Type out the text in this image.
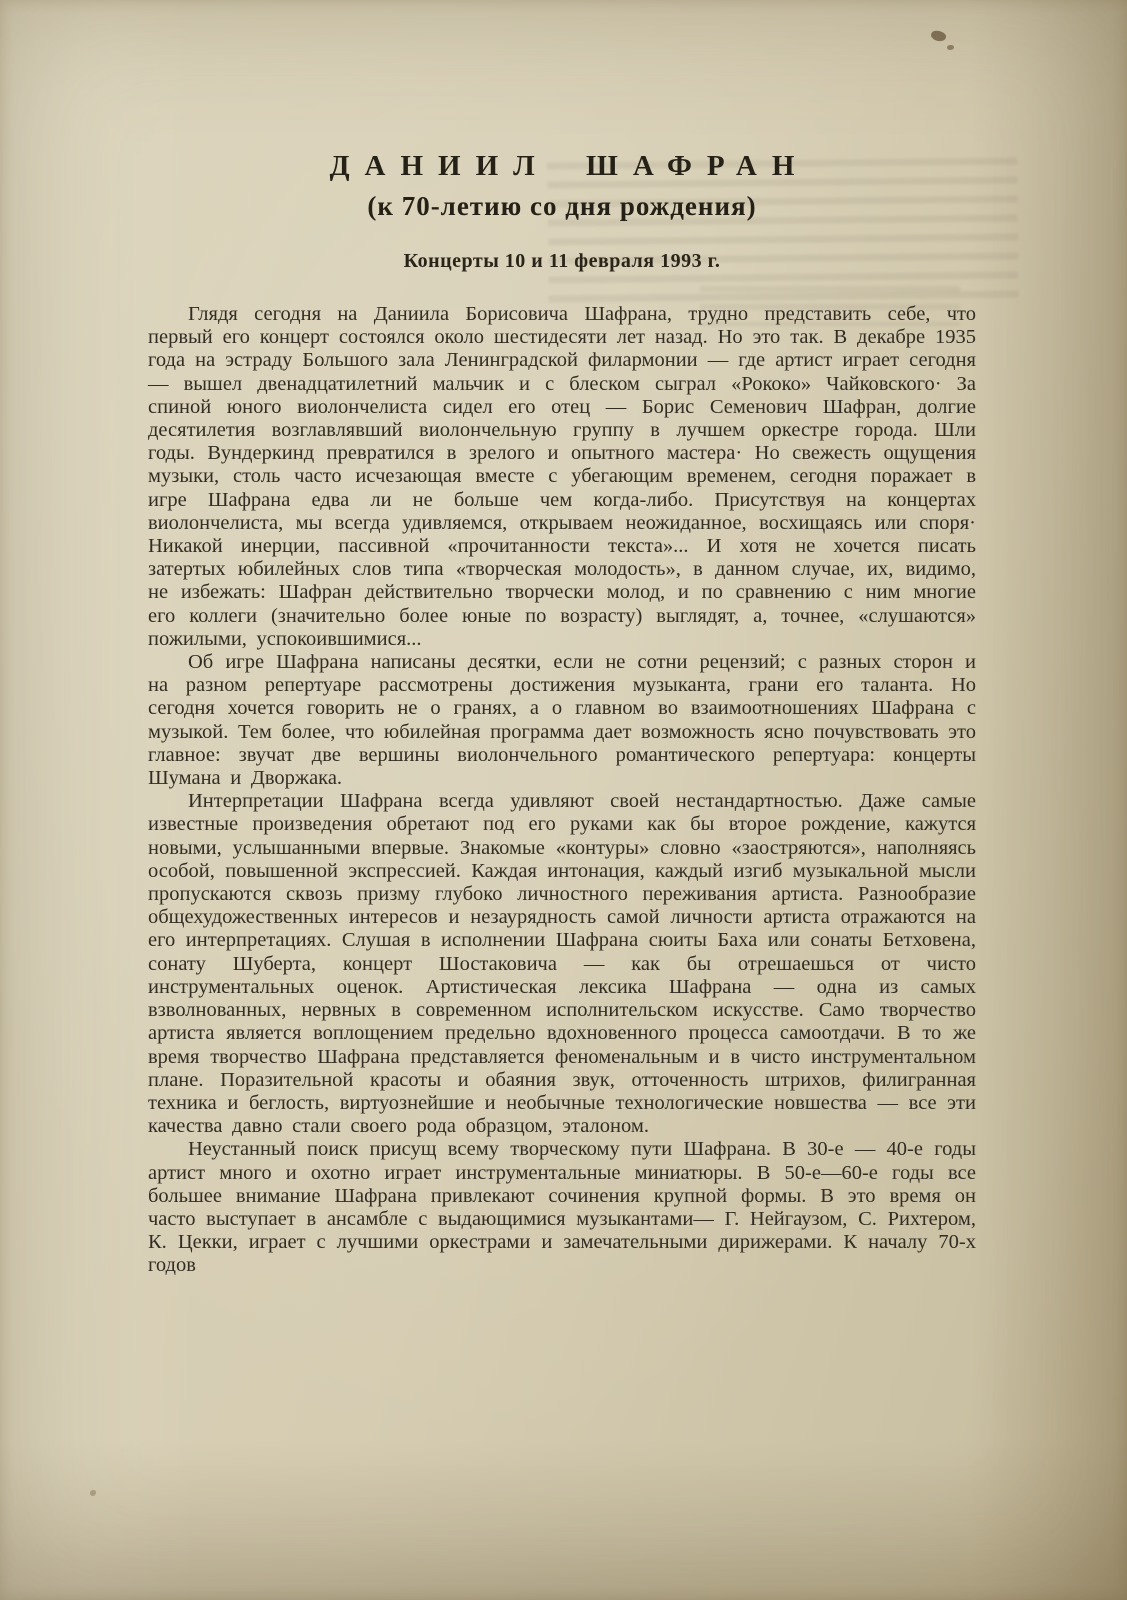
ДАНИИЛ ШАФРАН
(к 70-летию со дня рождения)
Концерты 10 и 11 февраля 1993 г.

Глядя сегодня на Даниила Борисовича Шафрана, трудно представить себе, что первый его концерт состоялся около шестидесяти лет назад. Но это так. В декабре 1935 года на эстраду Большого зала Ленинградской филармонии — где артист играет сегодня — вышел двенадцатилетний мальчик и с блеском сыграл «Рококо» Чайковского· За спиной юного виолончелиста сидел его отец — Борис Семенович Шафран, долгие десятилетия возглавлявший виолончельную группу в лучшем оркестре города. Шли годы. Вундеркинд превратился в зрелого и опытного мастера· Но свежесть ощущения музыки, столь часто исчезающая вместе с убегающим временем, сегодня поражает в игре Шафрана едва ли не больше чем когда-либо. Присутствуя на концертах виолончелиста, мы всегда удивляемся, открываем неожиданное, восхищаясь или споря· Никакой инерции, пассивной «прочитанности текста»... И хотя не хочется писать затертых юбилейных слов типа «творческая молодость», в данном случае, их, видимо, не избежать: Шафран действительно творчески молод, и по сравнению с ним многие его коллеги (значительно более юные по возрасту) выглядят, а, точнее, «слушаются» пожилыми, успокоившимися...

Об игре Шафрана написаны десятки, если не сотни рецензий; с разных сторон и на разном репертуаре рассмотрены достижения музыканта, грани его таланта. Но сегодня хочется говорить не о гранях, а о главном во взаимоотношениях Шафрана с музыкой. Тем более, что юбилейная программа дает возможность ясно почувствовать это главное: звучат две вершины виолончельного романтического репертуара: концерты Шумана и Дворжака.

Интерпретации Шафрана всегда удивляют своей нестандартностью. Даже самые известные произведения обретают под его руками как бы второе рождение, кажутся новыми, услышанными впервые. Знакомые «контуры» словно «заостряются», наполняясь особой, повышенной экспрессией. Каждая интонация, каждый изгиб музыкальной мысли пропускаются сквозь призму глубоко личностного переживания артиста. Разнообразие общехудожественных интересов и незаурядность самой личности артиста отражаются на его интерпретациях. Слушая в исполнении Шафрана сюиты Баха или сонаты Бетховена, сонату Шуберта, концерт Шостаковича — как бы отрешаешься от чисто инструментальных оценок. Артистическая лексика Шафрана — одна из самых взволнованных, нервных в современном исполнительском искусстве. Само творчество артиста является воплощением предельно вдохновенного процесса самоотдачи. В то же время творчество Шафрана представляется феноменальным и в чисто инструментальном плане. Поразительной красоты и обаяния звук, отточенность штрихов, филигранная техника и беглость, виртуознейшие и необычные технологические новшества — все эти качества давно стали своего рода образцом, эталоном.

Неустанный поиск присущ всему творческому пути Шафрана. В 30-е — 40-е годы артист много и охотно играет инструментальные миниатюры. В 50-е—60-е годы все большее внимание Шафрана привлекают сочинения крупной формы. В это время он часто выступает в ансамбле с выдающимися музыкантами— Г. Нейгаузом, С. Рихтером, К. Цекки, играет с лучшими оркестрами и замечательными дирижерами. К началу 70-х годов
